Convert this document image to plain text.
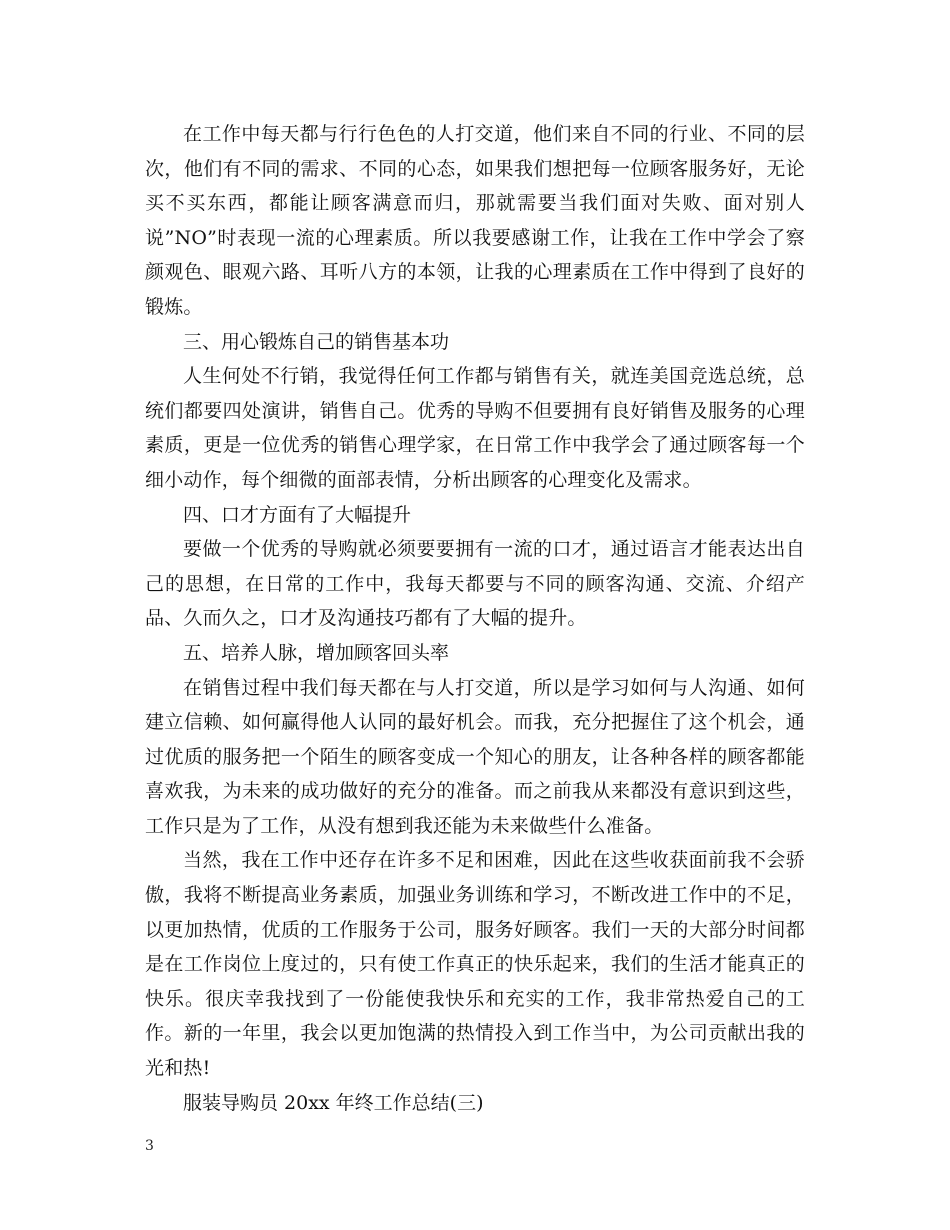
在工作中每天都与行行色色的人打交道，他们来自不同的行业、不同的层次，他们有不同的需求、不同的心态，如果我们想把每一位顾客服务好，无论买不买东西，都能让顾客满意而归，那就需要当我们面对失败、面对别人说”NO”时表现一流的心理素质。所以我要感谢工作，让我在工作中学会了察颜观色、眼观六路、耳听八方的本领，让我的心理素质在工作中得到了良好的锻炼。

三、用心锻炼自己的销售基本功

人生何处不行销，我觉得任何工作都与销售有关，就连美国竞选总统，总统们都要四处演讲，销售自己。优秀的导购不但要拥有良好销售及服务的心理素质，更是一位优秀的销售心理学家，在日常工作中我学会了通过顾客每一个细小动作，每个细微的面部表情，分析出顾客的心理变化及需求。

四、口才方面有了大幅提升

要做一个优秀的导购就必须要要拥有一流的口才，通过语言才能表达出自己的思想，在日常的工作中，我每天都要与不同的顾客沟通、交流、介绍产品、久而久之，口才及沟通技巧都有了大幅的提升。

五、培养人脉，增加顾客回头率

在销售过程中我们每天都在与人打交道，所以是学习如何与人沟通、如何建立信赖、如何赢得他人认同的最好机会。而我，充分把握住了这个机会，通过优质的服务把一个陌生的顾客变成一个知心的朋友，让各种各样的顾客都能喜欢我，为未来的成功做好的充分的准备。而之前我从来都没有意识到这些，工作只是为了工作，从没有想到我还能为未来做些什么准备。

当然，我在工作中还存在许多不足和困难，因此在这些收获面前我不会骄傲，我将不断提高业务素质，加强业务训练和学习，不断改进工作中的不足，以更加热情，优质的工作服务于公司，服务好顾客。我们一天的大部分时间都是在工作岗位上度过的，只有使工作真正的快乐起来，我们的生活才能真正的快乐。很庆幸我找到了一份能使我快乐和充实的工作，我非常热爱自己的工作。新的一年里，我会以更加饱满的热情投入到工作当中，为公司贡献出我的光和热!

服装导购员 20xx 年终工作总结(三)

3
